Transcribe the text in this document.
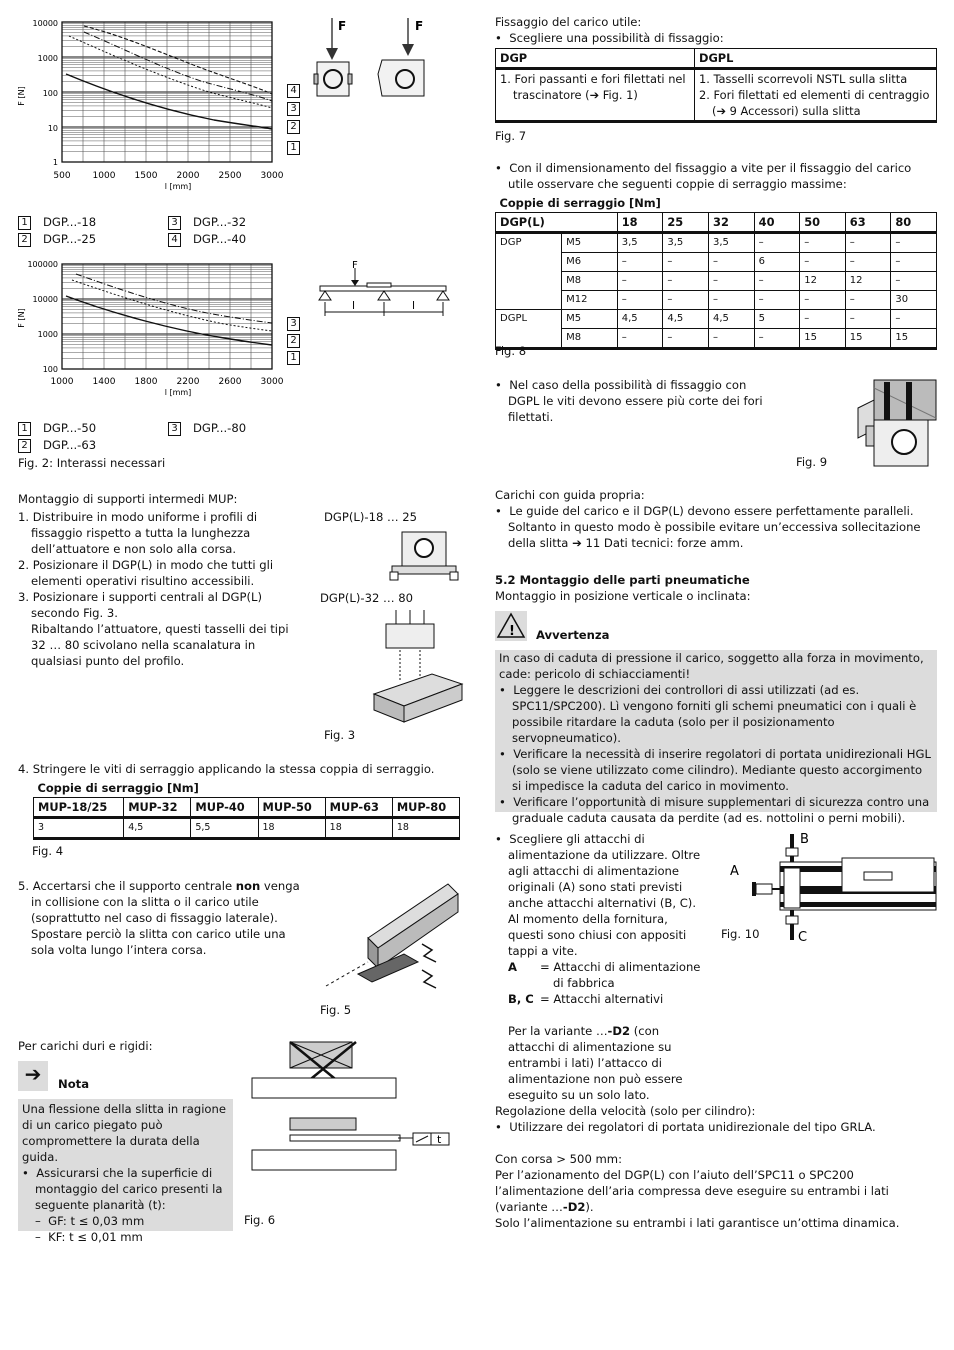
10000
1000
100
10
1
500 1000 1500 2000 2500 3000
l [mm]
F [N]	4
3
2
1
F	F
1 DGP...-18	3 DGP...-32
2 DGP...-25	4 DGP...-40
100000
10000
1000
100
1000 1400 1800 2200 2600 3000
l [mm]
F [N]	3
2
1
F
l	l
1 DGP...-50	3 DGP...-80
2 DGP...-63
Fig. 2: Interassi necessari
Montaggio di supporti intermedi MUP:

1. Distribuire in modo uniforme i profili di fissaggio rispetto a tutta la lunghezza dell’attuatore e non solo alla corsa.

2. Posizionare il DGP(L) in modo che tutti gli elementi operativi risultino accessibili.

3. Posizionare i supporti centrali al DGP(L) secondo Fig. 3.

Ribaltando l’attuatore, questi tasselli dei tipi 32 … 80 scivolano nella scanalatura in qualsiasi punto del profilo.

DGP(L)-18 … 25
DGP(L)-32 … 80
Fig. 3
4. Stringere le viti di serraggio applicando la stessa coppia di serraggio.
Coppie di serraggio [Nm]					
MUP-18/25	MUP-32	MUP-40	MUP-50	MUP-63	MUP-80
3	4,5	5,5	18	18	18
Fig. 4

5. Accertarsi che il supporto centrale non venga in collisione con la slitta o il carico utile (soprattutto nel caso di fissaggio laterale). Spostare perciò la slitta con carico utile una sola volta lungo l’intera corsa.

Fig. 5
Per carichi duri e rigidi:
➔	Nota

Una flessione della slitta in ragione di un carico piegato può compromettere la durata della guida.

•  Assicurarsi che la superficie di montaggio del carico presenti la seguente planarità (t):

–  GF: t ≤ 0,03 mm

–  KF: t ≤ 0,01 mm

t
Fig. 6

Fissaggio del carico utile:

•  Scegliere una possibilità di fissaggio:

DGP	DGPL

1. Fori passanti e fori filettati nel trascinatore (➔ Fig. 1)	1. Tasselli scorrevoli NSTL sulla slitta

2. Fori filettati ed elementi di centraggio (➔ 9 Accessori) sulla slitta

Fig. 7

•  Con il dimensionamento del fissaggio a vite per il fissaggio del carico utile osservare che seguenti coppie di serraggio massime:

Coppie di serraggio [Nm]								
DGP(L)		18	25	32	40	50	63	80
DGP	M5	3,5	3,5	3,5	–	–	–	–
	M6	–	–	–	6	–	–	–
	M8	–	–	–	–	12	12	–
	M12	–	–	–	–	–	–	30
DGPL	M5	4,5	4,5	4,5	5	–	–	–
	M8	–	–	–	–	15	15	15
Fig. 8

•  Nel caso della possibilità di fissaggio con DGPL le viti devono essere più corte dei fori filettati.

Fig. 9

Carichi con guida propria:

•  Le guide del carico e il DGP(L) devono essere perfettamente paralleli. Soltanto in questo modo è possibile evitare un’eccessiva sollecitazione della slitta ➔ 11 Dati tecnici: forze amm.

5.2 Montaggio delle parti pneumatiche
Montaggio in posizione verticale o inclinata:
! Avvertenza

In caso di caduta di pressione il carico, soggetto alla forza in movimento, cade: pericolo di schiacciamenti!

•  Leggere le descrizioni dei controllori di assi utilizzati (ad es. SPC11/SPC200). Lì vengono forniti gli schemi pneumatici con i quali è possibile ritardare la caduta (solo per il posizionamento servopneumatico).

•  Verificare la necessità di inserire regolatori di portata unidirezionali HGL (solo se viene utilizzato come cilindro). Mediante questo accorgimento si impedisce la caduta del carico in movimento.

•  Verificare l’opportunità di misure supplementari di sicurezza contro una graduale caduta causata da perdite (ad es. nottolini o perni mobili).

•  Scegliere gli attacchi di alimentazione da utilizzare. Oltre agli attacchi di alimentazione originali (A) sono stati previsti anche attacchi alternativi (B, C). Al momento della fornitura, questi sono chiusi con appositi tappi a vite.

A	= Attacchi di alimentazione di fabbrica
B, C = Attacchi alternativi

Per la variante …-D2 (con attacchi di alimentazione su entrambi i lati) l’attacco di alimentazione non può essere eseguito su un solo lato.

B
A
C
Fig. 10

Regolazione della velocità (solo per cilindro):

•  Utilizzare dei regolatori di portata unidirezionale del tipo GRLA.

Con corsa > 500 mm:

Per l’azionamento del DGP(L) con l’aiuto dell’SPC11 o SPC200 l’alimentazione dell’aria compressa deve eseguire su entrambi i lati (variante …-D2).

Solo l’alimentazione su entrambi i lati garantisce un’ottima dinamica.
